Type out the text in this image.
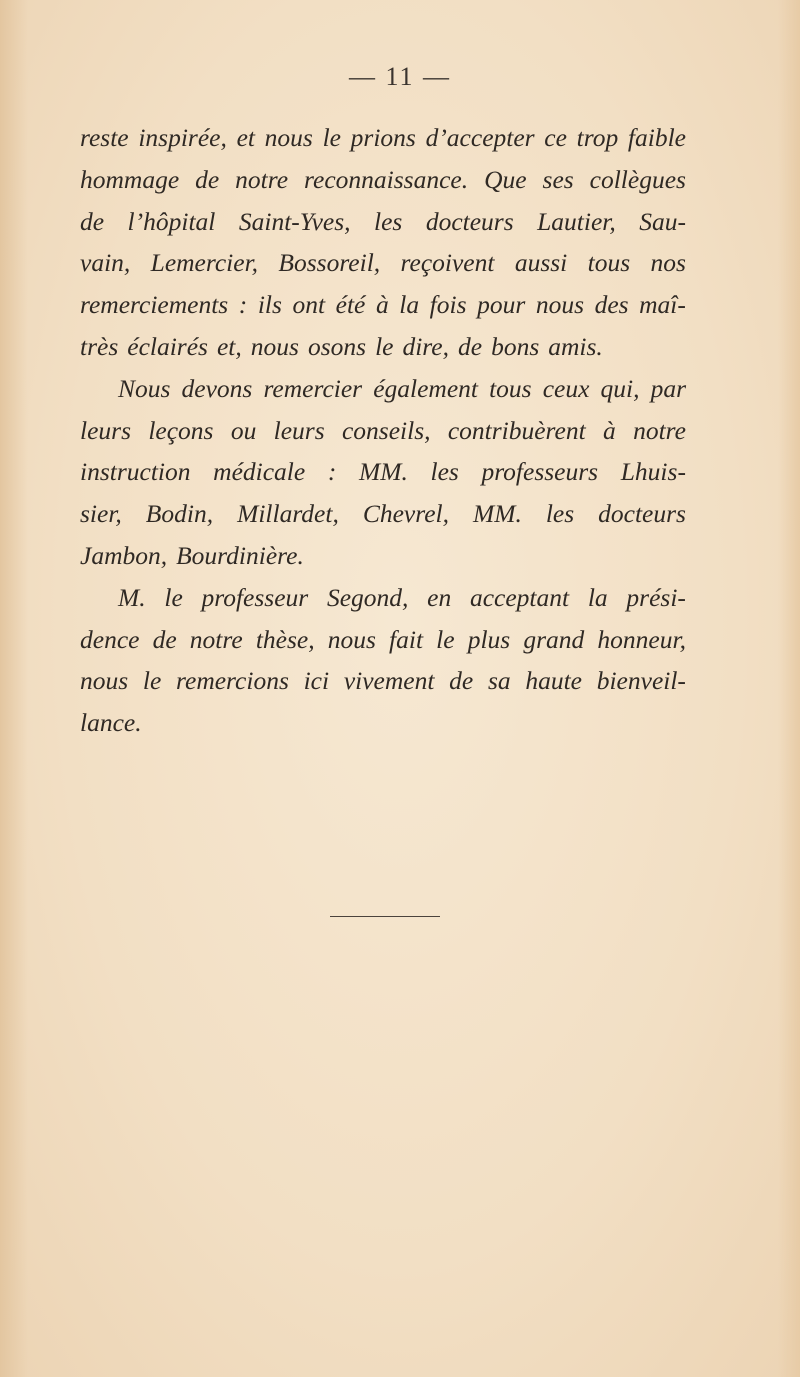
— 11 —
reste inspirée, et nous le prions d’accepter ce trop faible
hommage de notre reconnaissance. Que ses collègues
de l’hôpital Saint-Yves, les docteurs Lautier, Sau-
vain, Lemercier, Bossoreil, reçoivent aussi tous nos
remerciements : ils ont été à la fois pour nous des maî-
très éclairés et, nous osons le dire, de bons amis.
Nous devons remercier également tous ceux qui, par
leurs leçons ou leurs conseils, contribuèrent à notre
instruction médicale : MM. les professeurs Lhuis-
sier, Bodin, Millardet, Chevrel, MM. les docteurs
Jambon, Bourdinière.
M. le professeur Segond, en acceptant la prési-
dence de notre thèse, nous fait le plus grand honneur,
nous le remercions ici vivement de sa haute bienveil-
lance.
